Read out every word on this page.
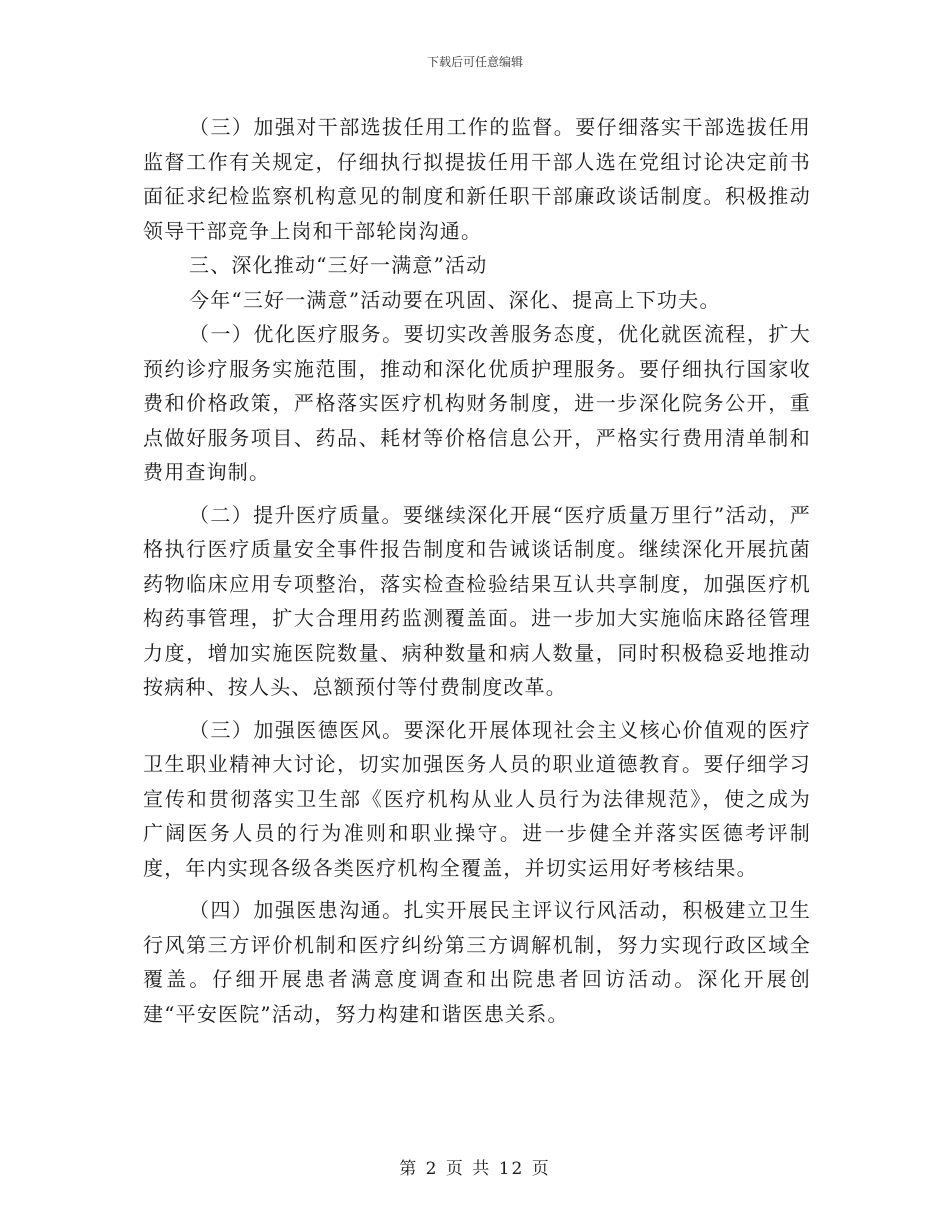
下载后可任意编辑

（三）加强对干部选拔任用工作的监督。要仔细落实干部选拔任用监督工作有关规定，仔细执行拟提拔任用干部人选在党组讨论决定前书面征求纪检监察机构意见的制度和新任职干部廉政谈话制度。积极推动领导干部竞争上岗和干部轮岗沟通。

三、深化推动“三好一满意”活动

今年“三好一满意”活动要在巩固、深化、提高上下功夫。

（一）优化医疗服务。要切实改善服务态度，优化就医流程，扩大预约诊疗服务实施范围，推动和深化优质护理服务。要仔细执行国家收费和价格政策，严格落实医疗机构财务制度，进一步深化院务公开，重点做好服务项目、药品、耗材等价格信息公开，严格实行费用清单制和费用查询制。

（二）提升医疗质量。要继续深化开展“医疗质量万里行”活动，严格执行医疗质量安全事件报告制度和告诫谈话制度。继续深化开展抗菌药物临床应用专项整治，落实检查检验结果互认共享制度，加强医疗机构药事管理，扩大合理用药监测覆盖面。进一步加大实施临床路径管理力度，增加实施医院数量、病种数量和病人数量，同时积极稳妥地推动按病种、按人头、总额预付等付费制度改革。

（三）加强医德医风。要深化开展体现社会主义核心价值观的医疗卫生职业精神大讨论，切实加强医务人员的职业道德教育。要仔细学习宣传和贯彻落实卫生部《医疗机构从业人员行为法律规范》，使之成为广阔医务人员的行为准则和职业操守。进一步健全并落实医德考评制度，年内实现各级各类医疗机构全覆盖，并切实运用好考核结果。

（四）加强医患沟通。扎实开展民主评议行风活动，积极建立卫生行风第三方评价机制和医疗纠纷第三方调解机制，努力实现行政区域全覆盖。仔细开展患者满意度调查和出院患者回访活动。深化开展创建“平安医院”活动，努力构建和谐医患关系。

第 2 页 共 12 页
